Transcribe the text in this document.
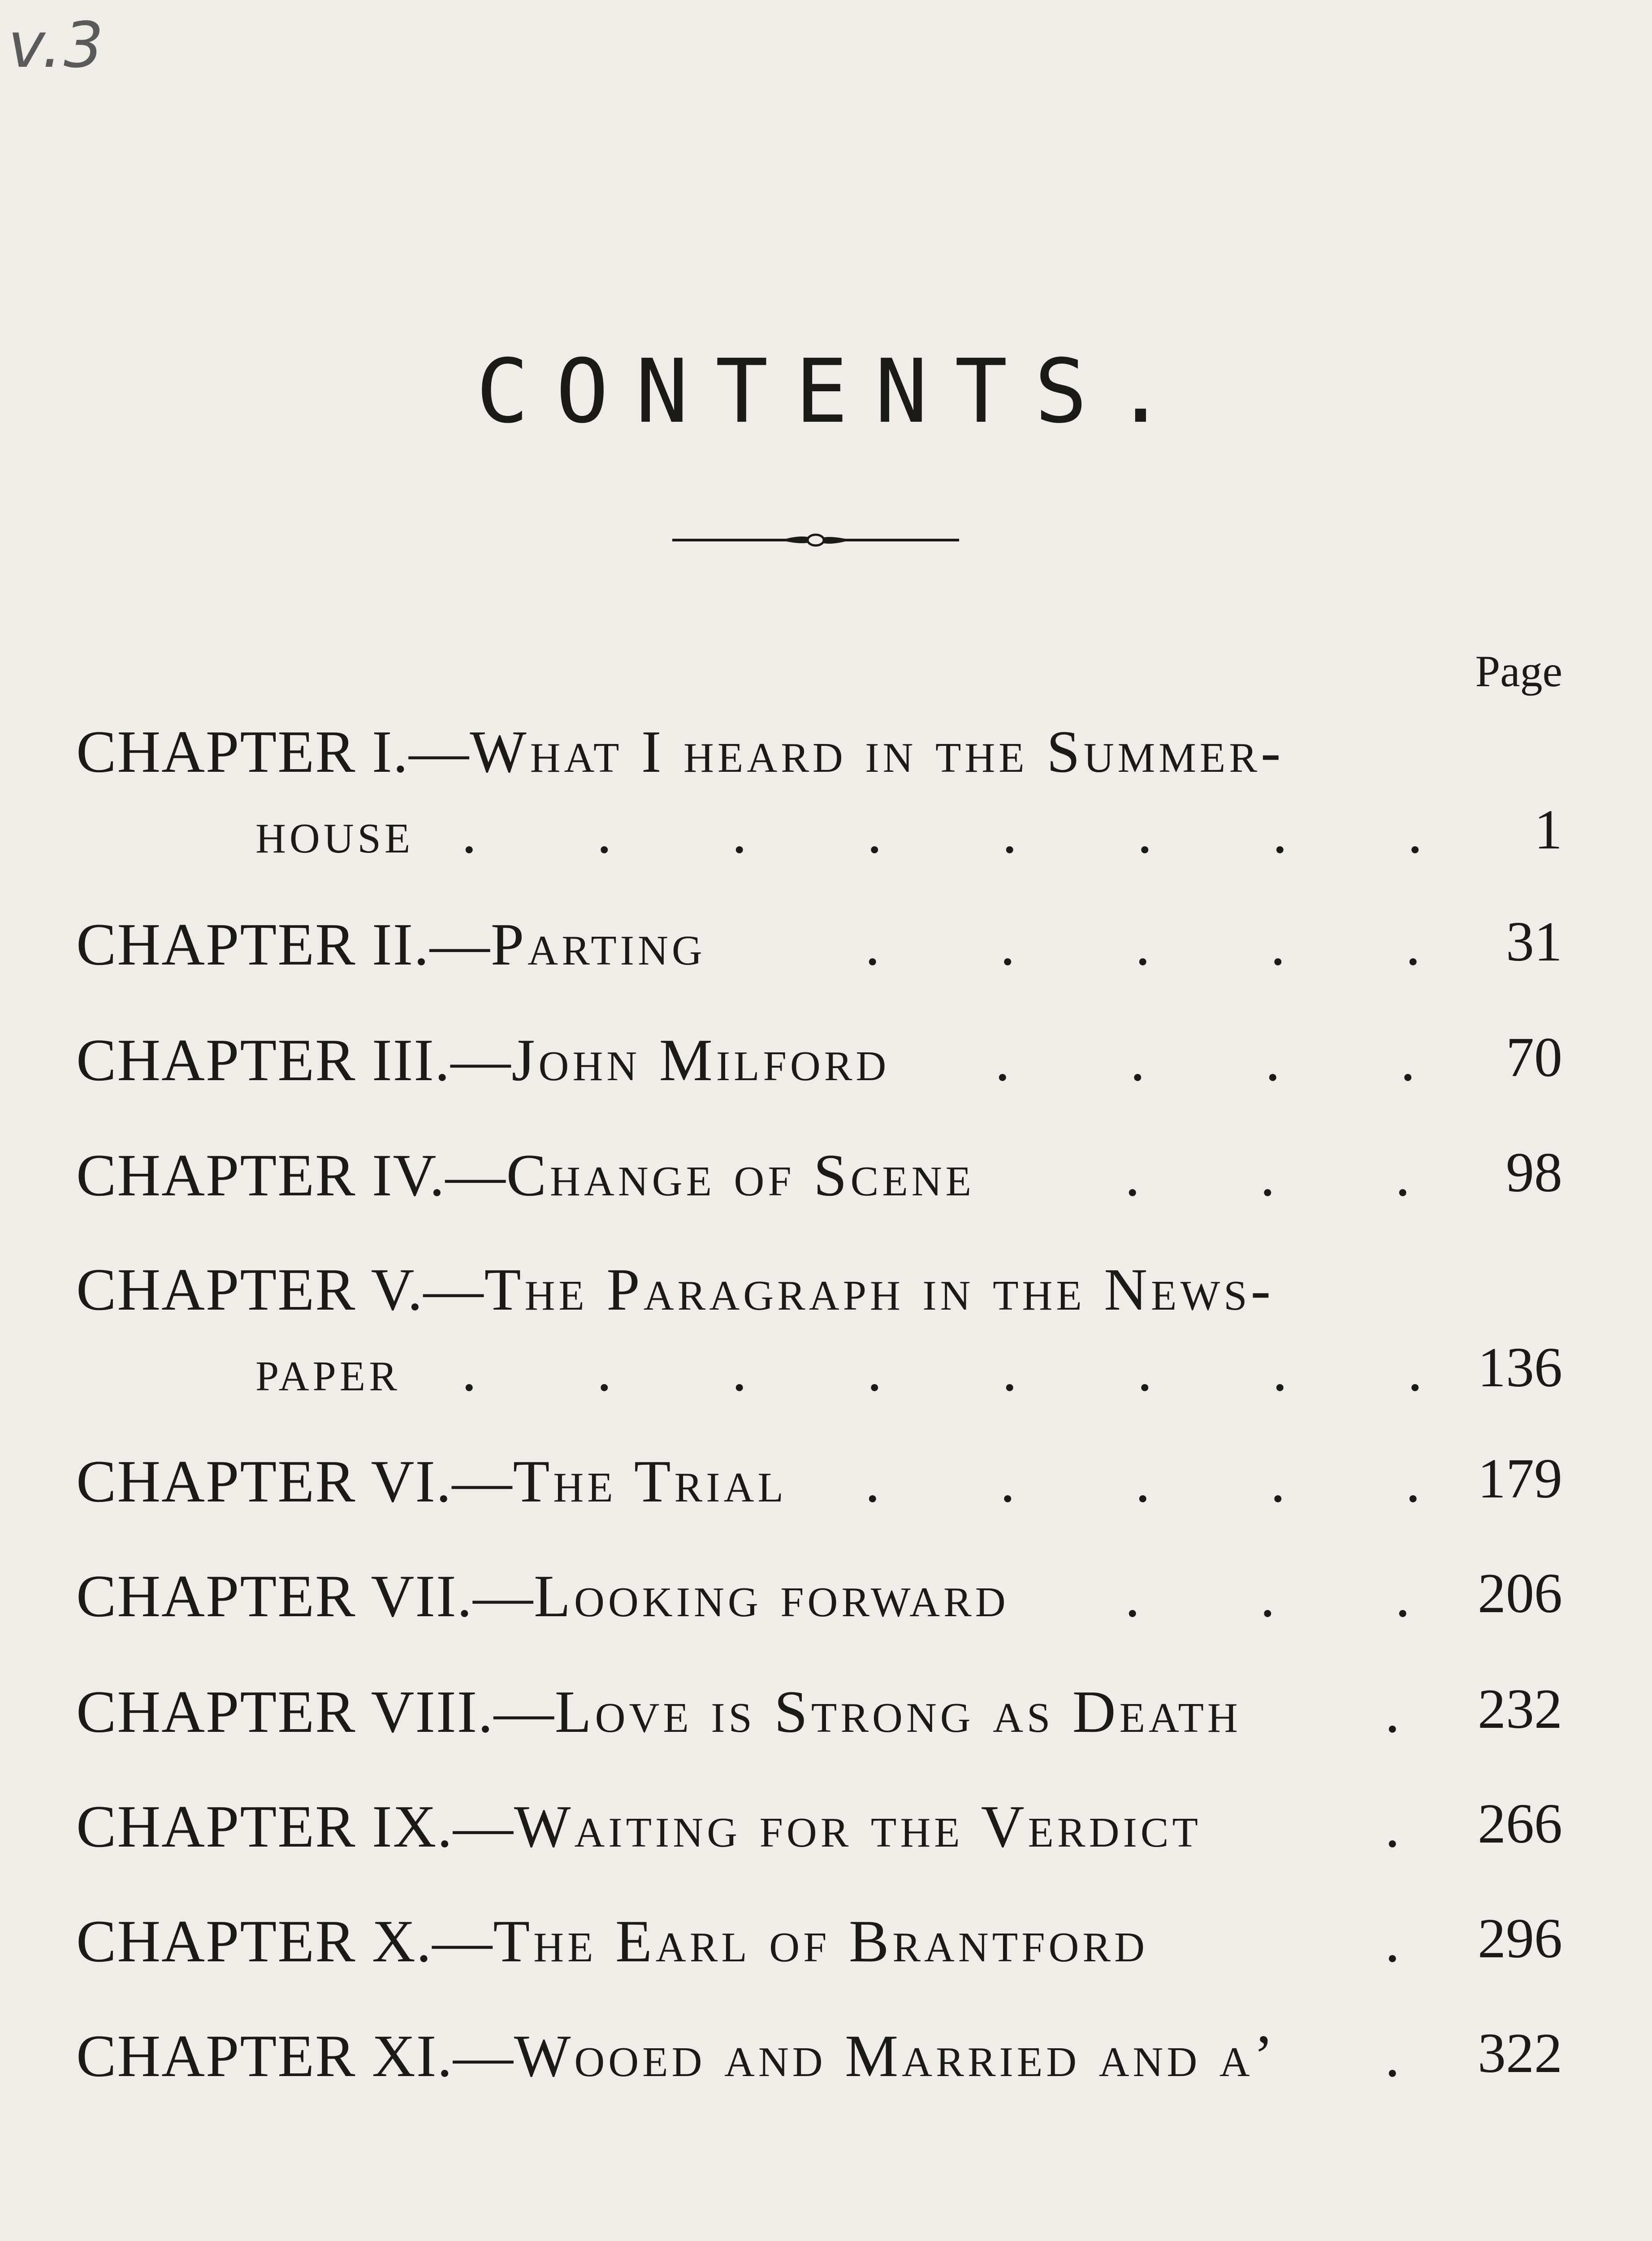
v.3
CONTENTS.
Page
CHAPTER I.—What I heard in the Summer-
house .  .  .  .  .  .  .  . 1
CHAPTER II.—Parting	.  .  .  .  . 31
CHAPTER III.—John Milford .  .  .  . 70
CHAPTER IV.—Change of Scene .  .  . 98
CHAPTER V.—The Paragraph in the News-
paper .  .  .  .  .  .  .  . 136
CHAPTER VI.—The Trial .  .  .  .  . 179
CHAPTER VII.—Looking forward .  .  . 206
CHAPTER VIII.—Love is Strong as Death . 232
CHAPTER IX.—Waiting for the Verdict	. 266
CHAPTER X.—The Earl of Brantford	. 296
CHAPTER XI.—Wooed and Married and a’ . 322
